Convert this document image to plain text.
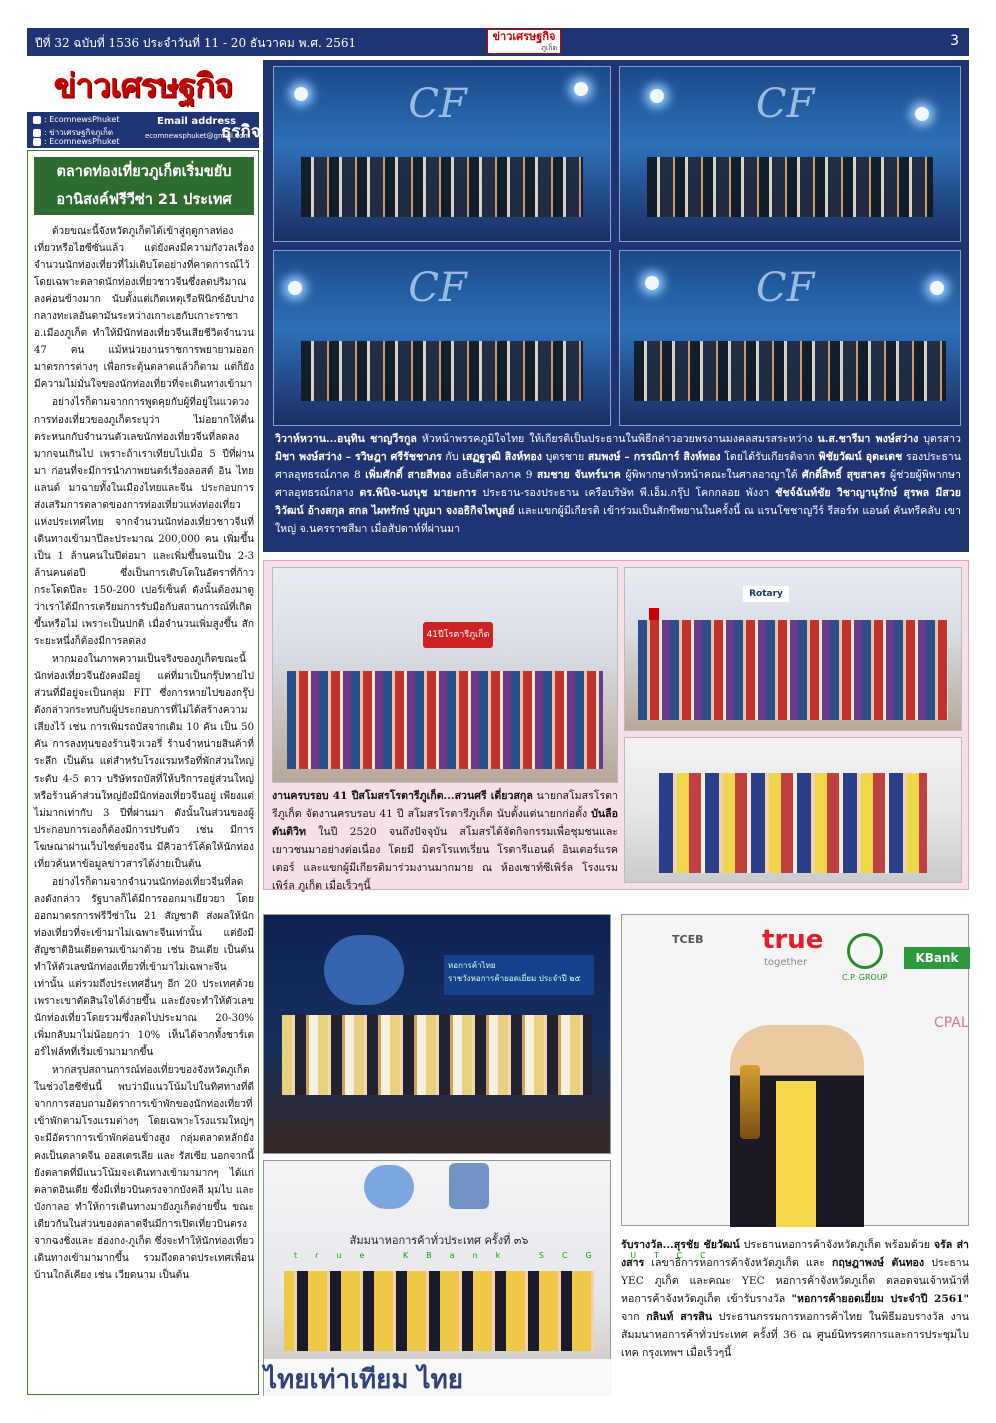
ปีที่ 32 ฉบับที่ 1536 ประจำวันที่ 11 - 20 ธันวาคม พ.ศ. 2561	ข่าวเศรษฐกิจ
ภูเก็ต	3
ข่าวเศรษฐกิจ
: EcomnewsPhuket
: ข่าวเศรษฐกิจภูเก็ต
: EcomnewsPhuket
Email address
ecomnewsphuket@gmail.com
ธุรกิจ
ตลาดท่องเที่ยวภูเก็ตเริ่มขยับ
อานิสงค์ฟรีวีซ่า 21 ประเทศ

ด้วยขณะนี้จังหวัดภูเก็ตได้เข้าสู่ฤดูกาลท่องเที่ยวหรือไฮซีซั่นแล้ว แต่ยังคงมีความกังวลเรื่องจำนวนนักท่องเที่ยวที่ไม่เติบโตอย่างที่คาดการณ์ไว้ โดยเฉพาะตลาดนักท่องเที่ยวชาวจีนซึ่งลดปริมาณลงค่อนข้างมาก นับตั้งแต่เกิดเหตุเรือฟินิกซ์อับปางกลางทะเลอันดามันระหว่างเกาะเฮกับเกาะราชา อ.เมืองภูเก็ต ทำให้มีนักท่องเที่ยวจีนเสียชีวิตจำนวน 47 คน แม้หน่วยงานราชการพยายามออกมาตรการต่างๆ เพื่อกระตุ้นตลาดแล้วก็ตาม แต่ก็ยังมีความไม่มั่นใจของนักท่องเที่ยวที่จะเดินทางเข้ามา

อย่างไรก็ตามจากการพูดคุยกับผู้ที่อยู่ในแวดวงการท่องเที่ยวของภูเก็ตระบุว่า ไม่อยากให้ตื่นตระหนกกับจำนวนตัวเลขนักท่องเที่ยวจีนที่ลดลงมากจนเกินไป เพราะถ้าเราเทียบไปเมื่อ 5 ปีที่ผ่านมา ก่อนที่จะมีการนำภาพยนตร์เรื่องลอสต์ อิน ไทยแลนด์ มาฉายทั้งในเมืองไทยและจีน ประกอบการส่งเสริมการตลาดของการท่องเที่ยวแห่งท่องเที่ยวแห่งประเทศไทย จากจำนวนนักท่องเที่ยวชาวจีนที่เดินทางเข้ามาปีละประมาณ 200,000 คน เพิ่มขึ้นเป็น 1 ล้านคนในปีต่อมา และเพิ่มขึ้นจนเป็น 2-3 ล้านคนต่อปี ซึ่งเป็นการเติบโตในอัตราที่ก้าวกระโดดปีละ 150-200 เปอร์เซ็นต์ ดังนั้นต้องมาดูว่าเราได้มีการเตรียมการรับมือกับสถานการณ์ที่เกิดขึ้นหรือไม่ เพราะเป็นปกติ เมื่อจำนวนเพิ่มสูงขึ้น สักระยะหนึ่งก็ต้องมีการลดลง

หากมองในภาพความเป็นจริงของภูเก็ตขณะนี้นักท่องเที่ยวจีนยังคงมีอยู่ แต่ที่มาเป็นกรุ๊ปหายไป ส่วนที่มีอยู่จะเป็นกลุ่ม FIT ซึ่งการหายไปของกรุ๊ปดังกล่าวกระทบกับผู้ประกอบการที่ไม่ได้สร้างความเสียงไว้ เช่น การเพิ่มรถบัสจากเดิม 10 คัน เป็น 50 คัน การลงทุนของร้านจิวเวอรี่ ร้านจำหน่ายสินค้าที่ระลึก เป็นต้น แต่สำหรับโรงแรมหรือที่พักส่วนใหญ่ระดับ 4-5 ดาว บริษัทรถบัสที่ให้บริการอยู่ส่วนใหญ่หรือร้านค้าส่วนใหญ่ยังมีนักท่องเที่ยวจีนอยู่ เพียงแต่ไม่มากเท่ากับ 3 ปีที่ผ่านมา ดังนั้นในส่วนของผู้ประกอบการเองก็ต้องมีการปรับตัว เช่น มีการโฆษณาผ่านเว็บไซต์ของจีน มีคิวอาร์โค้ดให้นักท่องเที่ยวค้นหาข้อมูลข่าวสารได้ง่ายเป็นต้น

อย่างไรก็ตามจากจำนวนนักท่องเที่ยวจีนที่ลดลงดังกล่าว รัฐบาลก็ได้มีการออกมาเยียวยา โดยออกมาตรการฟรีวีซ่าใน 21 สัญชาติ ส่งผลให้นักท่องเที่ยวที่จะเข้ามาไม่เฉพาะจีนเท่านั้น แต่ยังมีสัญชาติอินเดียตามเข้ามาด้วย เช่น อินเดีย เป็นต้น ทำให้ตัวเลขนักท่องเที่ยวที่เข้ามาไม่เฉพาะจีนเท่านั้น แต่รวมถึงประเทศอื่นๆ อีก 20 ประเทศด้วย เพราะเขาตัดสินใจได้ง่ายขึ้น และยังจะทำให้ตัวเลขนักท่องเที่ยวโดยรวมซึ่งลดไปประมาณ 20-30% เพิ่มกลับมาไม่น้อยกว่า 10% เห็นได้จากทั้งชาร์เตอร์ไฟล์ทที่เริ่มเข้ามามากขึ้น

หากสรุปสถานการณ์ท่องเที่ยวของจังหวัดภูเก็ตในช่วงไฮซีซั่นนี้ พบว่ามีแนวโน้มไปในทิศทางที่ดี จากการสอบถามอัตราการเข้าพักของนักท่องเที่ยวที่เข้าพักตามโรงแรมต่างๆ โดยเฉพาะโรงแรมใหญ่ๆ จะมีอัตราการเข้าพักค่อนข้างสูง กลุ่มตลาดหลักยังคงเป็นตลาดจีน ออสเตรเลีย และ รัสเซีย นอกจากนี้ยังตลาดที่มีแนวโน้มจะเดินทางเข้ามามากๆ ได้แก่ ตลาดอินเดีย ซึ่งมีเที่ยวบินตรงจากบังคลี มุมไบ และบังกาลอ ทำให้การเดินทางมายังภูเก็ตง่ายขึ้น ขณะเดียวกันในส่วนของตลาดจีนมีการเปิดเที่ยวบินตรงจากฉงชิ่งและ ฮ่องกง-ภูเก็ต ซึ่งจะทำให้นักท่องเที่ยวเดินทางเข้ามามากขึ้น รวมถึงตลาดประเทศเพื่อนบ้านใกล้เคียง เช่น เวียดนาม เป็นต้น

CF	CF
CF	CF
วิวาห์หวาน...อนุทิน ชาญวีรกูล หัวหน้าพรรคภูมิใจไทย ให้เกียรติเป็นประธานในพิธีกล่าวอวยพรงานมงคลสมรสระหว่าง น.ส.ชารีมา พงษ์สว่าง บุตรสาว มิชา พงษ์สว่าง – รวิษฎา ศรีรัชชาภร กับ เสฏฐวุฒิ สิงห์ทอง บุตรชาย สมพงษ์ – กรรณิการ์ สิงห์ทอง โดยได้รับเกียรติจาก พิชัยวัฒน์ อุตะเดช รองประธานศาลอุทธรณ์ภาค 8 เพิ่มศักดิ์ สายสีทอง อธิบดีศาลภาค 9 สมชาย จันทร์นาค ผู้พิพากษาหัวหน้าคณะในศาลอาญาใต้ ศักดิ์สิทธิ์ สุขสาคร ผู้ช่วยผู้พิพากษาศาลอุทธรณ์กลาง ดร.พินิจ-นงนุช มายะการ ประธาน-รองประธาน เครือบริษัท พี.เอ็ม.กรุ๊ป โคกกลอย พังงา ชัชจ์ฉันท์ชัย วิชาญานุรักษ์ สุรพล มีสวย วิวัฒน์ อ้างสกุล สกล ไผทรักษ์ บุญมา จงอธิกิจไพบูลย์ และแขกผู้มีเกียรติ เข้าร่วมเป็นสักขีพยานในครั้งนี้ ณ แรนโชชาญวีร์ รีสอร์ท แอนด์ คันทรีคลับ เขาใหญ่ จ.นครราชสีมา เมื่อสัปดาห์ที่ผ่านมา
41ปีโรตารีภูเก็ต
Rotary
งานครบรอบ 41 ปีสโมสรโรตารีภูเก็ต...สวนศรี เดี่ยวสกุล นายกสโมสรโรตารีภูเก็ต จัดงานครบรอบ 41 ปี สโมสรโรตารีภูเก็ต นับตั้งแต่นายกก่อตั้ง บันลือ ตันติวิท ในปี 2520 จนถึงปัจจุบัน สโมสรได้จัดกิจกรรมเพื่อชุมชนและเยาวชนมาอย่างต่อเนื่อง โดยมี มิตรโรแทเรี่ยน โรตารีแอนด์ อินเตอร์แรคเตอร์ และแขกผู้มีเกียรติมาร่วมงานมากมาย ณ ห้องเซาท์ซีเพิร์ล โรงแรมเพิร์ล ภูเก็ต เมื่อเร็วๆนี้
หอการค้าไทย
ราชวังหอการค้ายอดเยี่ยม ประจำปี ๒๕
สัมมนาหอการค้าทั่วประเทศ ครั้งที่ ๓๖
true	KBank	SCG	UTCC
ไทยเท่าเทียม ไทย
TCEB true
together
C.P. GROUP
KBank
CPAL
รับรางวัล...สุรชัย ชัยวัฒน์ ประธานหอการค้าจังหวัดภูเก็ต พร้อมด้วย จรัล ส่างสาร เลขาธิการหอการค้าจังหวัดภูเก็ต และ กฤษฎาพงษ์ ตันทอง ประธาน YEC ภูเก็ต และคณะ YEC หอการค้าจังหวัดภูเก็ต ตลอดจนเจ้าหน้าที่หอการค้าจังหวัดภูเก็ต เข้ารับรางวัล "หอการค้ายอดเยี่ยม ประจำปี 2561" จาก กลินท์ สารสิน ประธานกรรมการหอการค้าไทย ในพิธีมอบรางวัล งานสัมมนาหอการค้าทั่วประเทศ ครั้งที่ 36 ณ ศูนย์นิทรรศการและการประชุมไบเทค กรุงเทพฯ เมื่อเร็วๆนี้
